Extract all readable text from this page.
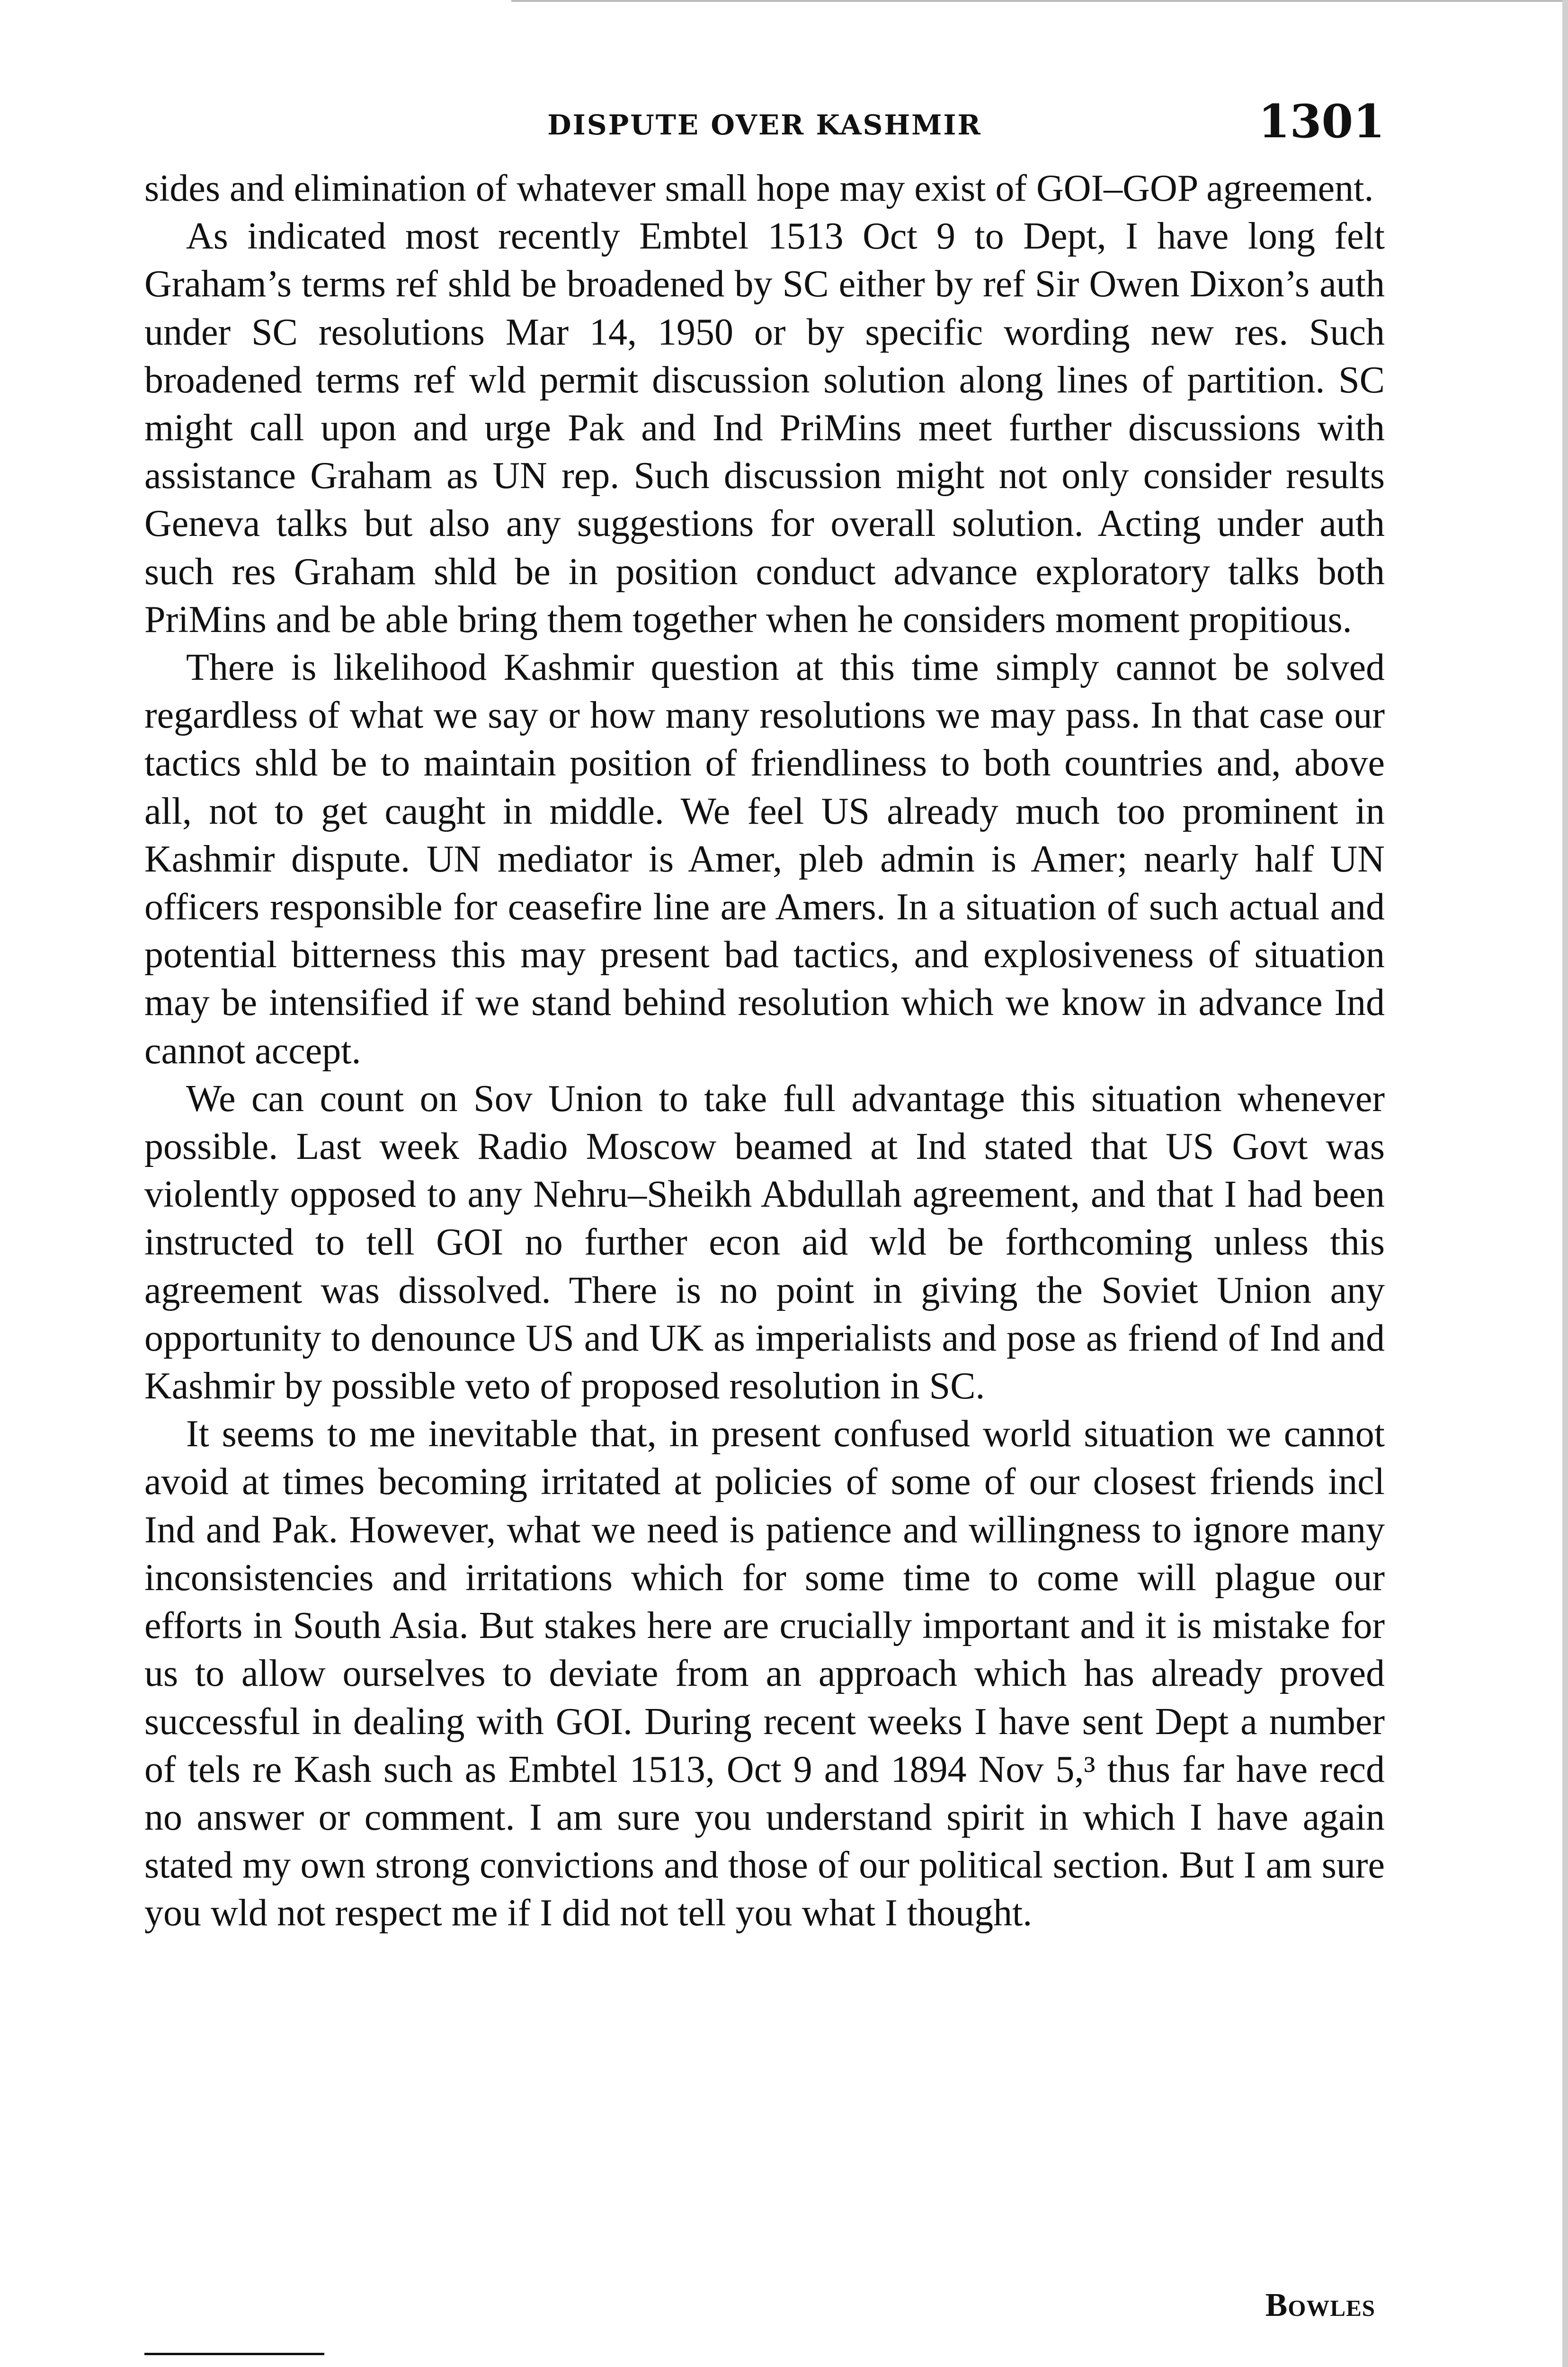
DISPUTE OVER KASHMIR	1301

sides and elimination of whatever small hope may exist of GOI–GOP agreement.

As indicated most recently Embtel 1513 Oct 9 to Dept, I have long felt Graham’s terms ref shld be broadened by SC either by ref Sir Owen Dixon’s auth under SC resolutions Mar 14, 1950 or by specific wording new res. Such broadened terms ref wld permit discussion solution along lines of partition. SC might call upon and urge Pak and Ind PriMins meet further discussions with assistance Graham as UN rep. Such discussion might not only consider results Geneva talks but also any suggestions for overall solution. Acting under auth such res Graham shld be in position conduct advance exploratory talks both PriMins and be able bring them together when he considers moment propitious.

There is likelihood Kashmir question at this time simply cannot be solved regardless of what we say or how many resolutions we may pass. In that case our tactics shld be to maintain position of friendliness to both countries and, above all, not to get caught in middle. We feel US already much too prominent in Kashmir dispute. UN mediator is Amer, pleb admin is Amer; nearly half UN officers responsible for ceasefire line are Amers. In a situation of such actual and potential bitterness this may present bad tactics, and explosiveness of situation may be intensified if we stand behind resolution which we know in advance Ind cannot accept.

We can count on Sov Union to take full advantage this situation whenever possible. Last week Radio Moscow beamed at Ind stated that US Govt was violently opposed to any Nehru–Sheikh Abdullah agreement, and that I had been instructed to tell GOI no further econ aid wld be forthcoming unless this agreement was dissolved. There is no point in giving the Soviet Union any opportunity to denounce US and UK as imperialists and pose as friend of Ind and Kashmir by possible veto of proposed resolution in SC.

It seems to me inevitable that, in present confused world situation we cannot avoid at times becoming irritated at policies of some of our closest friends incl Ind and Pak. However, what we need is patience and willingness to ignore many inconsistencies and irritations which for some time to come will plague our efforts in South Asia. But stakes here are crucially important and it is mistake for us to allow ourselves to deviate from an approach which has already proved successful in dealing with GOI. During recent weeks I have sent Dept a number of tels re Kash such as Embtel 1513, Oct 9 and 1894 Nov 5,³ thus far have recd no answer or comment. I am sure you understand spirit in which I have again stated my own strong convictions and those of our political section. But I am sure you wld not respect me if I did not tell you what I thought.

Bowles
